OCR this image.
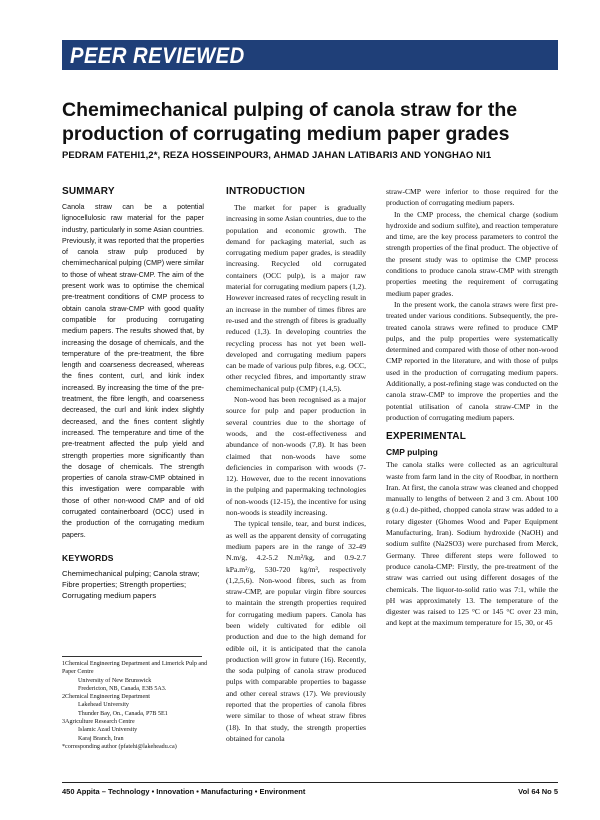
PEER REVIEWED
Chemimechanical pulping of canola straw for the production of corrugating medium paper grades
PEDRAM FATEHI1,2*, REZA HOSSEINPOUR3, AHMAD JAHAN LATIBARI3 AND YONGHAO NI1
SUMMARY
Canola straw can be a potential lignocellulosic raw material for the paper industry, particularly in some Asian countries. Previously, it was reported that the properties of canola straw pulp produced by chemimechanical pulping (CMP) were similar to those of wheat straw-CMP. The aim of the present work was to optimise the chemical pre-treatment conditions of CMP process to obtain canola straw-CMP with good quality compatible for producing corrugating medium papers. The results showed that, by increasing the dosage of chemicals, and the temperature of the pre-treatment, the fibre length and coarseness decreased, whereas the fines content, curl, and kink index increased. By increasing the time of the pre-treatment, the fibre length, and coarseness decreased, the curl and kink index slightly decreased, and the fines content slightly increased. The temperature and time of the pre-treatment affected the pulp yield and strength properties more significantly than the dosage of chemicals. The strength properties of canola straw-CMP obtained in this investigation were comparable with those of other non-wood CMP and of old corrugated containerboard (OCC) used in the production of the corrugating medium papers.
KEYWORDS
Chemimechanical pulping; Canola straw; Fibre properties; Strength properties; Corrugating medium papers
1Chemical Engineering Department and Limerick Pulp and Paper Centre
University of New Brunswick
Fredericton, NB, Canada, E3B 5A3.
2Chemical Engineering Department
Lakehead University
Thunder Bay, On., Canada, P7B 5E1
3Agriculture Research Centre
Islamic Azad University
Karaj Branch, Iran
*corresponding author (pfatehi@lakeheadu.ca)
INTRODUCTION

The market for paper is gradually increasing in some Asian countries, due to the population and economic growth. The demand for packaging material, such as corrugating medium paper grades, is steadily increasing. Recycled old corrugated containers (OCC pulp), is a major raw material for corrugating medium papers (1,2). However increased rates of recycling result in an increase in the number of times fibres are re-used and the strength of fibres is gradually reduced (1,3). In developing countries the recycling process has not yet been well-developed and corrugating medium papers can be made of various pulp fibres, e.g. OCC, other recycled fibres, and importantly straw chemimechanical pulp (CMP) (1,4,5).

Non-wood has been recognised as a major source for pulp and paper production in several countries due to the shortage of woods, and the cost-effectiveness and abundance of non-woods (7,8). It has been claimed that non-woods have some deficiencies in comparison with woods (7-12). However, due to the recent innovations in the pulping and papermaking technologies of non-woods (12-15), the incentive for using non-woods is steadily increasing.

The typical tensile, tear, and burst indices, as well as the apparent density of corrugating medium papers are in the range of 32-49 N.m/g, 4.2-5.2 N.m²/kg, and 0.9-2.7 kPa.m²/g, 530-720 kg/m³, respectively (1,2,5,6). Non-wood fibres, such as from straw-CMP, are popular virgin fibre sources to maintain the strength properties required for corrugating medium papers. Canola has been widely cultivated for edible oil production and due to the high demand for edible oil, it is anticipated that the canola production will grow in future (16). Recently, the soda pulping of canola straw produced pulps with comparable properties to bagasse and other cereal straws (17). We previously reported that the properties of canola fibres were similar to those of wheat straw fibres (18). In that study, the strength properties obtained for canola

straw-CMP were inferior to those required for the production of corrugating medium papers.

In the CMP process, the chemical charge (sodium hydroxide and sodium sulfite), and reaction temperature and time, are the key process parameters to control the strength properties of the final product. The objective of the present study was to optimise the CMP process conditions to produce canola straw-CMP with strength properties meeting the requirement of corrugating medium paper grades.

In the present work, the canola straws were first pre-treated under various conditions. Subsequently, the pre-treated canola straws were refined to produce CMP pulps, and the pulp properties were systematically determined and compared with those of other non-wood CMP reported in the literature, and with those of pulps used in the production of corrugating medium papers. Additionally, a post-refining stage was conducted on the canola straw-CMP to improve the properties and the potential utilisation of canola straw-CMP in the production of corrugating medium papers.

EXPERIMENTAL
CMP pulping

The canola stalks were collected as an agricultural waste from farm land in the city of Roodbar, in northern Iran. At first, the canola straw was cleaned and chopped manually to lengths of between 2 and 3 cm. About 100 g (o.d.) de-pithed, chopped canola straw was added to a rotary digester (Ghomes Wood and Paper Equipment Manufacturing, Iran). Sodium hydroxide (NaOH) and sodium sulfite (Na2SO3) were purchased from Merck, Germany. Three different steps were followed to produce canola-CMP: Firstly, the pre-treatment of the straw was carried out using different dosages of the chemicals. The liquor-to-solid ratio was 7:1, while the pH was approximately 13. The temperature of the digester was raised to 125 °C or 145 °C over 23 min, and kept at the maximum temperature for 15, 30, or 45

450 Appita – Technology • Innovation • Manufacturing • Environment	Vol 64 No 5
